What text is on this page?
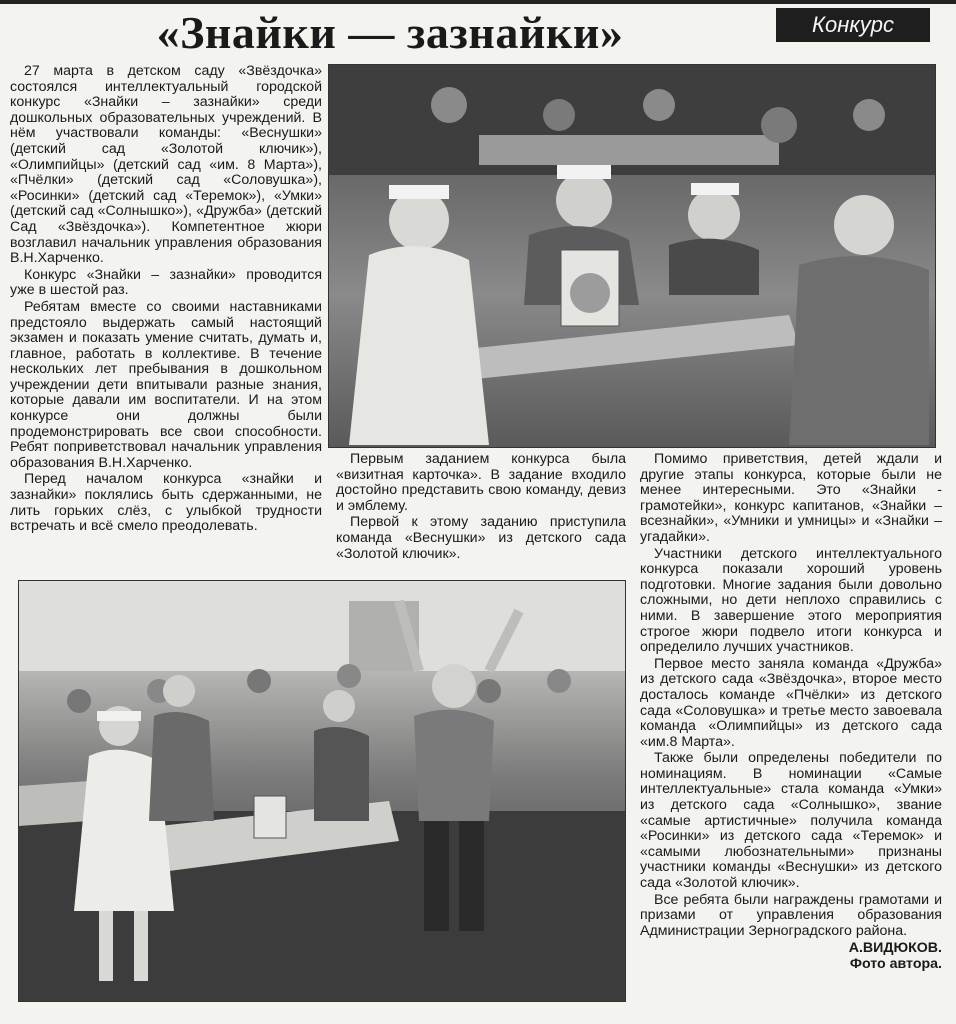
«Знайки — зазнайки»	Конкурс

27 марта в детском саду «Звёздочка» состоялся интеллектуальный городской конкурс «Знайки – зазнайки» среди дошкольных образовательных учреждений. В нём участвовали команды: «Веснушки» (детский сад «Золотой ключик»), «Олимпийцы» (детский сад «им. 8 Марта»), «Пчёлки» (детский сад «Соловушка»), «Росинки» (детский сад «Теремок»), «Умки» (детский сад «Солнышко»), «Дружба» (детский Сад «Звёздочка»). Компетентное жюри возглавил начальник управления образования В.Н.Харченко.

Конкурс «Знайки – зазнайки» проводится уже в шестой раз.

Ребятам вместе со своими наставниками предстояло выдержать самый настоящий экзамен и показать умение считать, думать и, главное, работать в коллективе. В течение нескольких лет пребывания в дошкольном учреждении дети впитывали разные знания, которые давали им воспитатели. И на этом конкурсе они должны были продемонстрировать все свои способности. Ребят поприветствовал начальник управления образования В.Н.Харченко.

Перед началом конкурса «знайки и зазнайки» поклялись быть сдержанными, не лить горьких слёз, с улыбкой трудности встречать и всё смело преодолевать.

Первым заданием конкурса была «визитная карточка». В задание входило достойно представить свою команду, девиз и эмблему.

Первой к этому заданию приступила команда «Веснушки» из детского сада «Золотой ключик».

Помимо приветствия, детей ждали и другие этапы конкурса, которые были не менее интересными. Это «Знайки - грамотейки», конкурс капитанов, «Знайки – всезнайки», «Умники и умницы» и «Знайки – угадайки».

Участники детского интеллектуального конкурса показали хороший уровень подготовки. Многие задания были довольно сложными, но дети неплохо справились с ними. В завершение этого мероприятия строгое жюри подвело итоги конкурса и определило лучших участников.

Первое место заняла команда «Дружба» из детского сада «Звёздочка», второе место досталось команде «Пчёлки» из детского сада «Соловушка» и третье место завоевала команда «Олимпийцы» из детского сада «им.8 Марта».

Также были определены победители по номинациям. В номинации «Самые интеллектуальные» стала команда «Умки» из детского сада «Солнышко», звание «самые артистичные» получила команда «Росинки» из детского сада «Теремок» и «самыми любознательными» признаны участники команды «Веснушки» из детского сада «Золотой ключик».

Все ребята были награждены грамотами и призами от управления образования Администрации Зерноградского района.

А.ВИДЮКОВ.
Фото автора.
